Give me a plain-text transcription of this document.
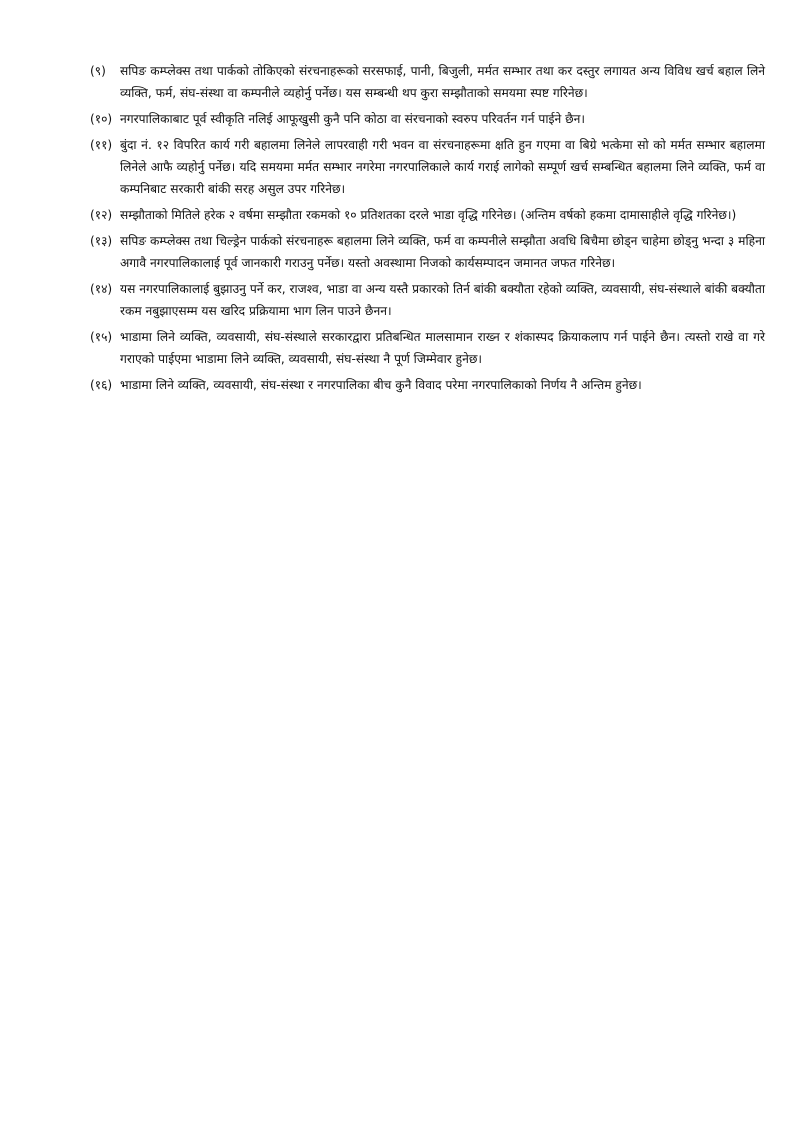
(९) सपिङ कम्प्लेक्स तथा पार्कको तोकिएको संरचनाहरूको सरसफाई, पानी, बिजुली, मर्मत सम्भार तथा कर दस्तुर लगायत अन्य विविध खर्च बहाल लिने व्यक्ति, फर्म, संघ-संस्था वा कम्पनीले व्यहोर्नु पर्नेछ। यस सम्बन्धी थप कुरा सम्झौताको समयमा स्पष्ट गरिनेछ।
(१०) नगरपालिकाबाट पूर्व स्वीकृति नलिई आफूखुसी कुनै पनि कोठा वा संरचनाको स्वरुप परिवर्तन गर्न पाईने छैन।
(११) बुंदा नं. १२ विपरित कार्य गरी बहालमा लिनेले लापरवाही गरी भवन वा संरचनाहरूमा क्षति हुन गएमा वा बिग्रे भत्केमा सो को मर्मत सम्भार बहालमा लिनेले आफै व्यहोर्नु पर्नेछ। यदि समयमा मर्मत सम्भार नगरेमा नगरपालिकाले कार्य गराई लागेको सम्पूर्ण खर्च सम्बन्धित बहालमा लिने व्यक्ति, फर्म वा कम्पनिबाट सरकारी बांकी सरह असुल उपर गरिनेछ।
(१२) सम्झौताको मितिले हरेक २ वर्षमा सम्झौता रकमको १० प्रतिशतका दरले भाडा वृद्धि गरिनेछ। (अन्तिम वर्षको हकमा दामासाहीले वृद्धि गरिनेछ।)
(१३) सपिङ कम्प्लेक्स तथा चिल्ड्रेन पार्कको संरचनाहरू बहालमा लिने व्यक्ति, फर्म वा कम्पनीले सम्झौता अवधि बिचैमा छोड्न चाहेमा छोड्नु भन्दा ३ महिना अगावै नगरपालिकालाई पूर्व जानकारी गराउनु पर्नेछ। यस्तो अवस्थामा निजको कार्यसम्पादन जमानत जफत गरिनेछ।
(१४) यस नगरपालिकालाई बुझाउनु पर्ने कर, राजश्व, भाडा वा अन्य यस्तै प्रकारको तिर्न बांकी बक्यौता रहेको व्यक्ति, व्यवसायी, संघ-संस्थाले बांकी बक्यौता रकम नबुझाएसम्म यस खरिद प्रक्रियामा भाग लिन पाउने छैनन।
(१५) भाडामा लिने व्यक्ति, व्यवसायी, संघ-संस्थाले सरकारद्वारा प्रतिबन्धित मालसामान राख्न र शंकास्पद क्रियाकलाप गर्न पाईने छैन। त्यस्तो राखे वा गरे गराएको पाईएमा भाडामा लिने व्यक्ति, व्यवसायी, संघ-संस्था नै पूर्ण जिम्मेवार हुनेछ।
(१६) भाडामा लिने व्यक्ति, व्यवसायी, संघ-संस्था र नगरपालिका बीच कुनै विवाद परेमा नगरपालिकाको निर्णय नै अन्तिम हुनेछ।
